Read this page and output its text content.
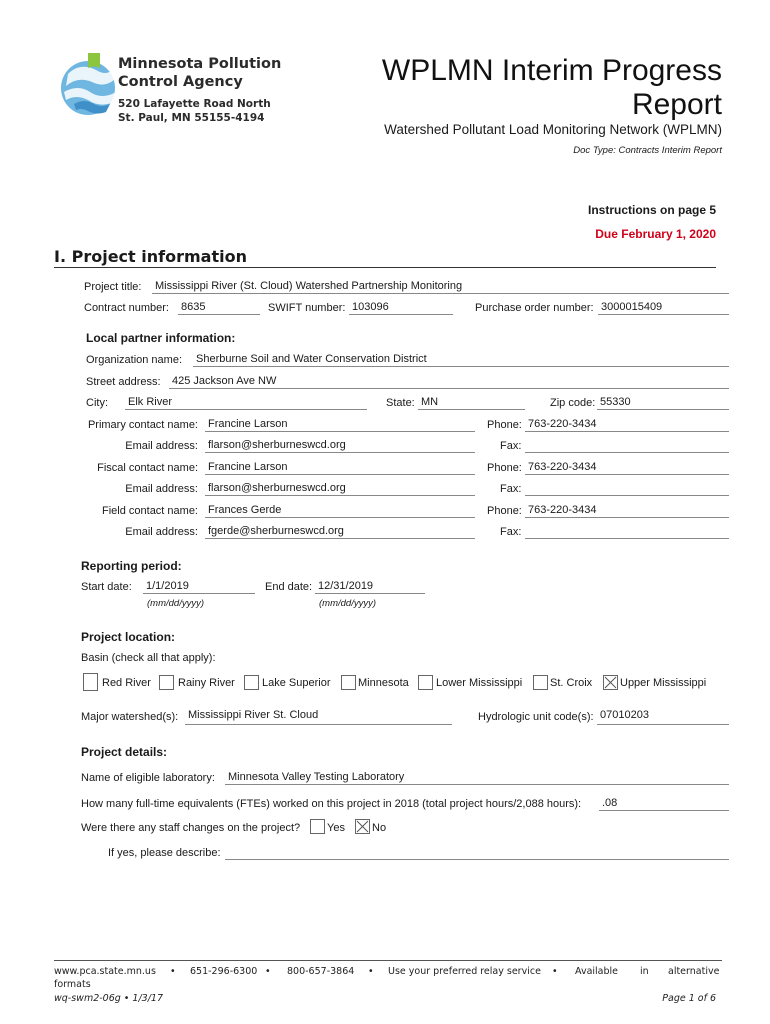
Minnesota Pollution
Control Agency
520 Lafayette Road North
St. Paul, MN 55155-4194
WPLMN Interim Progress
Report
Watershed Pollutant Load Monitoring Network (WPLMN)
Doc Type: Contracts Interim Report
Instructions on page 5
Due February 1, 2020
I. Project information
Project title: Mississippi River (St. Cloud) Watershed Partnership Monitoring
Contract number: 8635	SWIFT number: 103096	Purchase order number: 3000015409
Local partner information:
Organization name: Sherburne Soil and Water Conservation District
Street address: 425 Jackson Ave NW
City: Elk River	State: MN	Zip code: 55330
Primary contact name: Francine Larson	Phone: 763-220-3434
Email address: flarson@sherburneswcd.org	Fax:
Fiscal contact name: Francine Larson	Phone: 763-220-3434
Email address: flarson@sherburneswcd.org	Fax:
Field contact name: Frances Gerde	Phone: 763-220-3434
Email address: fgerde@sherburneswcd.org	Fax:
Reporting period:
Start date: 1/1/2019
(mm/dd/yyyy)
End date: 12/31/2019
(mm/dd/yyyy)
Project location:
Basin (check all that apply):
Red River Rainy River Lake Superior	Minnesota Lower Mississippi	St. Croix	Upper Mississippi
Major watershed(s): Mississippi River St. Cloud	Hydrologic unit code(s): 07010203
Project details:
Name of eligible laboratory: Minnesota Valley Testing Laboratory
How many full-time equivalents (FTEs) worked on this project in 2018 (total project hours/2,088 hours): .08
Were there any staff changes on the project? Yes No
If yes, please describe:
www.pca.state.mn.us • 651-296-6300 • 800-657-3864 • Use your preferred relay service • Available in alternative
formats
wq-swm2-06g • 1/3/17	Page 1 of 6
